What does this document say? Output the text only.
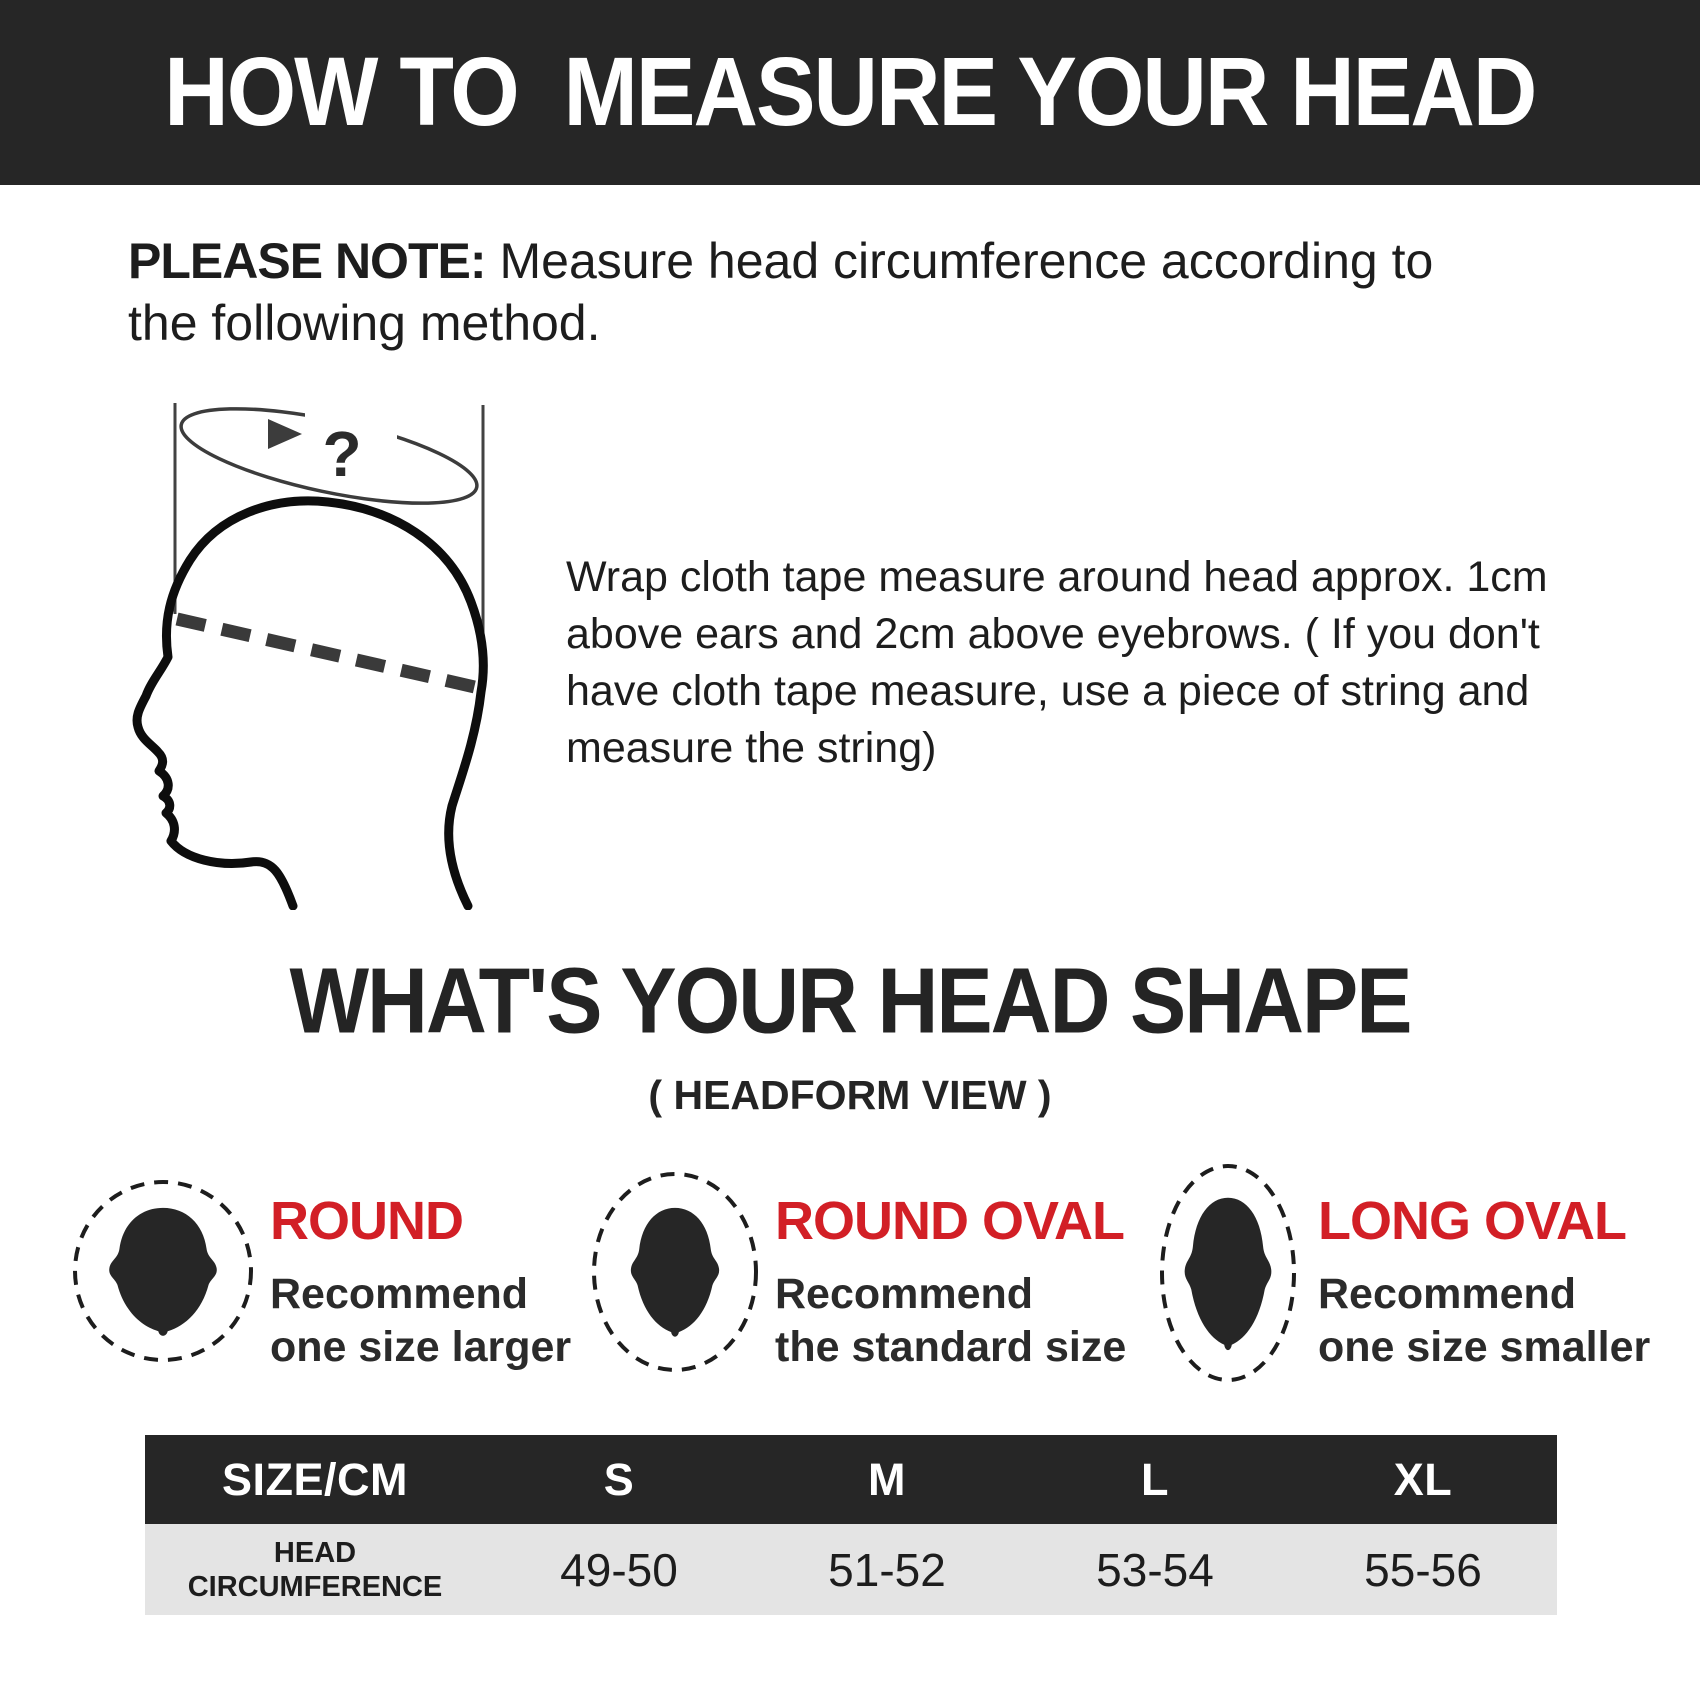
HOW TO  MEASURE YOUR HEAD
PLEASE NOTE: Measure head circumference according to
the following method.
?
Wrap cloth tape measure around head approx. 1cm
above ears and 2cm above eyebrows. ( If you don't
have cloth tape measure, use a piece of string and
measure the string)
WHAT'S YOUR HEAD SHAPE
( HEADFORM VIEW )
ROUND
Recommend
one size larger
ROUND OVAL
Recommend
the standard size
LONG OVAL
Recommend
one size smaller
SIZE/CM	S	M	L	XL
HEAD
CIRCUMFERENCE	49-50	51-52	53-54	55-56
